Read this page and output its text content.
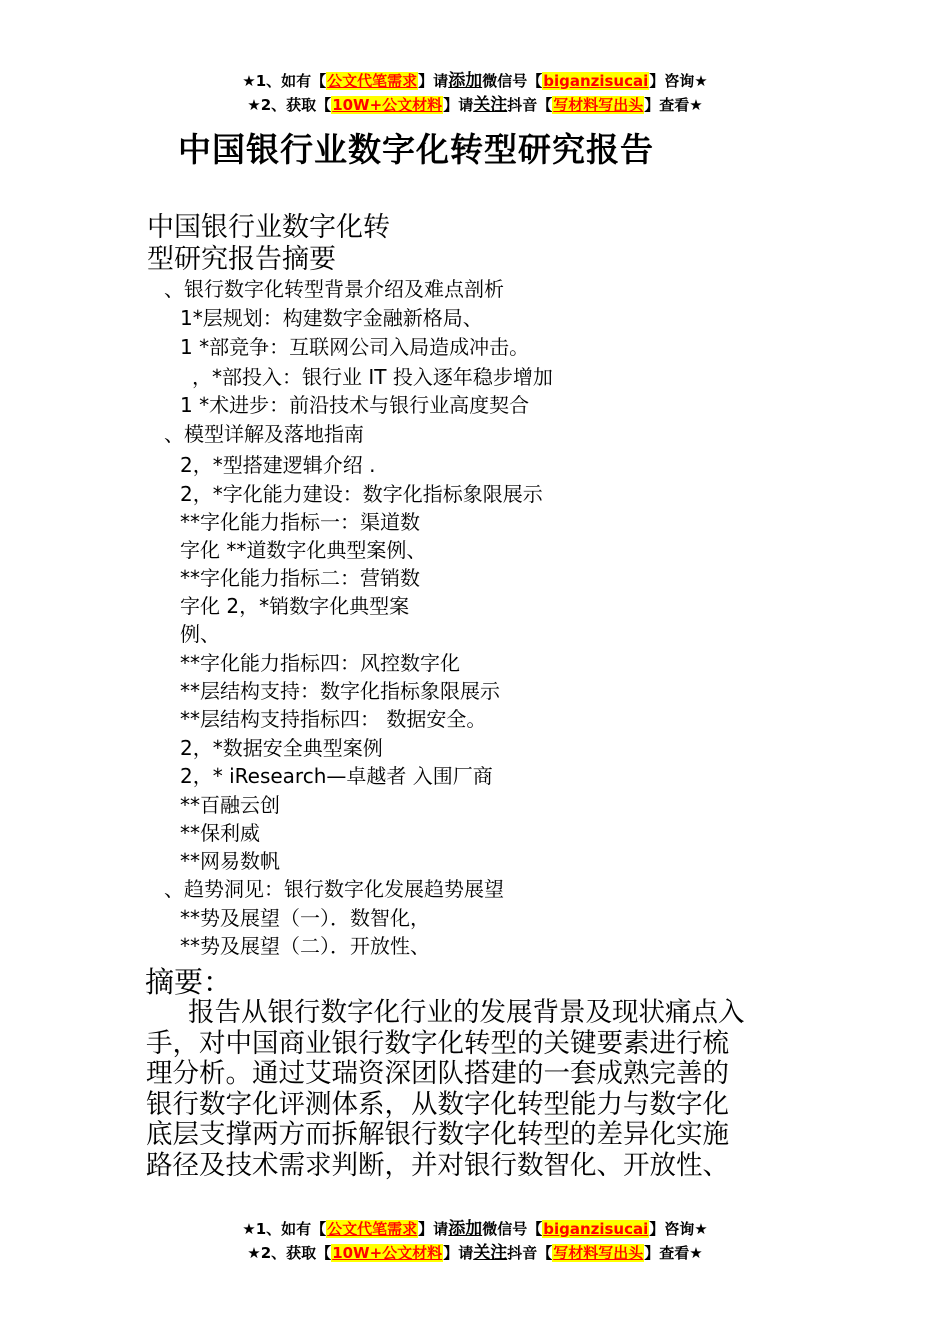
★1、如有【公文代笔需求】请添加微信号【biganzisucai】咨询★
★2、获取【10W+公文材料】请关注抖音【写材料写出头】查看★
中国银行业数字化转型研究报告
中国银行业数字化转
型研究报告摘要
、银行数字化转型背景介绍及难点剖析
1*层规划：构建数字金融新格局、
1 *部竞争：互联网公司入局造成冲击。
，*部投入：银行业 IT 投入逐年稳步增加
1 *术进步：前沿技术与银行业高度契合
、模型详解及落地指南
2，*型搭建逻辑介绍 .
2，*字化能力建设：数字化指标象限展示
**字化能力指标一：渠道数
字化 **道数字化典型案例、
**字化能力指标二：营销数
字化 2，*销数字化典型案
例、
**字化能力指标四：风控数字化
**层结构支持：数字化指标象限展示
**层结构支持指标四： 数据安全。
2，*数据安全典型案例
2，* iResearch—卓越者 入围厂商
**百融云创
**保利威
**网易数帆
、趋势洞见：银行数字化发展趋势展望
**势及展望（一）．数智化，
**势及展望（二）．开放性、
摘要：
报告从银行数字化行业的发展背景及现状痛点入
手，对中国商业银行数字化转型的关键要素进行梳
理分析。通过艾瑞资深团队搭建的一套成熟完善的
银行数字化评测体系，从数字化转型能力与数字化
底层支撑两方而拆解银行数字化转型的差异化实施
路径及技术需求判断，并对银行数智化、开放性、
★1、如有【公文代笔需求】请添加微信号【biganzisucai】咨询★
★2、获取【10W+公文材料】请关注抖音【写材料写出头】查看★
